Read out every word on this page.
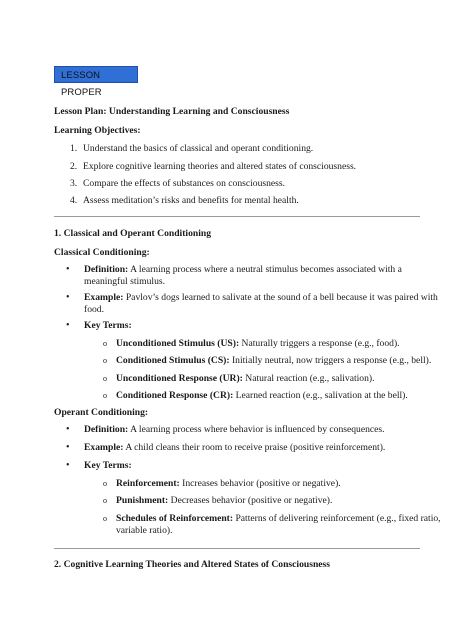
LESSON PROPER
Lesson Plan: Understanding Learning and Consciousness
Learning Objectives:
1. Understand the basics of classical and operant conditioning.
2. Explore cognitive learning theories and altered states of consciousness.
3. Compare the effects of substances on consciousness.
4. Assess meditation’s risks and benefits for mental health.
1. Classical and Operant Conditioning
Classical Conditioning:
• Definition: A learning process where a neutral stimulus becomes associated with a
meaningful stimulus.
• Example: Pavlov’s dogs learned to salivate at the sound of a bell because it was paired with
food.
• Key Terms:
o Unconditioned Stimulus (US): Naturally triggers a response (e.g., food).
o Conditioned Stimulus (CS): Initially neutral, now triggers a response (e.g., bell).
o Unconditioned Response (UR): Natural reaction (e.g., salivation).
o Conditioned Response (CR): Learned reaction (e.g., salivation at the bell).
Operant Conditioning:
• Definition: A learning process where behavior is influenced by consequences.
• Example: A child cleans their room to receive praise (positive reinforcement).
• Key Terms:
o Reinforcement: Increases behavior (positive or negative).
o Punishment: Decreases behavior (positive or negative).
o Schedules of Reinforcement: Patterns of delivering reinforcement (e.g., fixed ratio,
variable ratio).
2. Cognitive Learning Theories and Altered States of Consciousness
